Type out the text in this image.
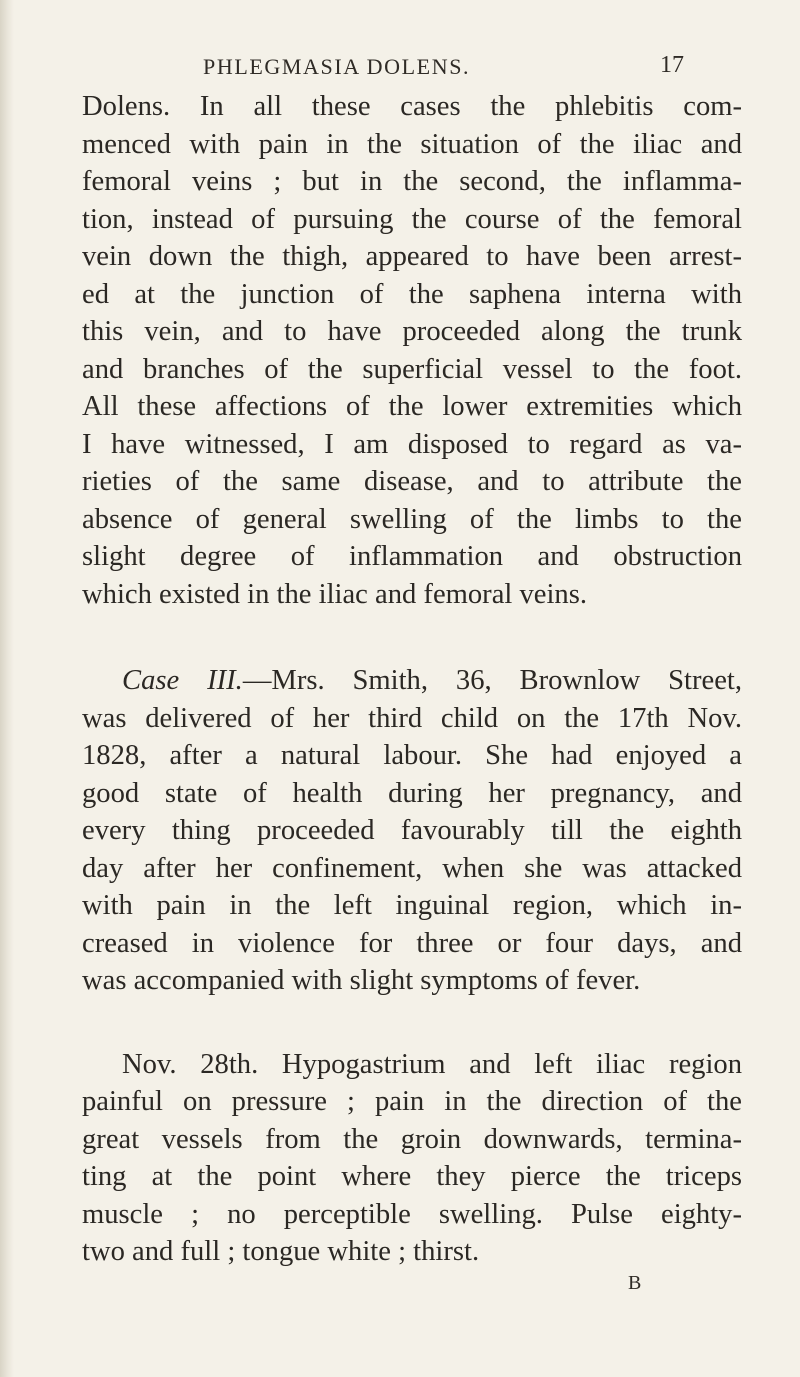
PHLEGMASIA DOLENS.	17
Dolens. In all these cases the phlebitis com-
menced with pain in the situation of the iliac and
femoral veins ; but in the second, the inflamma-
tion, instead of pursuing the course of the femoral
vein down the thigh, appeared to have been arrest-
ed at the junction of the saphena interna with
this vein, and to have proceeded along the trunk
and branches of the superficial vessel to the foot.
All these affections of the lower extremities which
I have witnessed, I am disposed to regard as va-
rieties of the same disease, and to attribute the
absence of general swelling of the limbs to the
slight degree of inflammation and obstruction
which existed in the iliac and femoral veins.
Case III.—Mrs. Smith, 36, Brownlow Street,
was delivered of her third child on the 17th Nov.
1828, after a natural labour. She had enjoyed a
good state of health during her pregnancy, and
every thing proceeded favourably till the eighth
day after her confinement, when she was attacked
with pain in the left inguinal region, which in-
creased in violence for three or four days, and
was accompanied with slight symptoms of fever.
Nov. 28th. Hypogastrium and left iliac region
painful on pressure ; pain in the direction of the
great vessels from the groin downwards, termina-
ting at the point where they pierce the triceps
muscle ; no perceptible swelling. Pulse eighty-
two and full ; tongue white ; thirst.
B
